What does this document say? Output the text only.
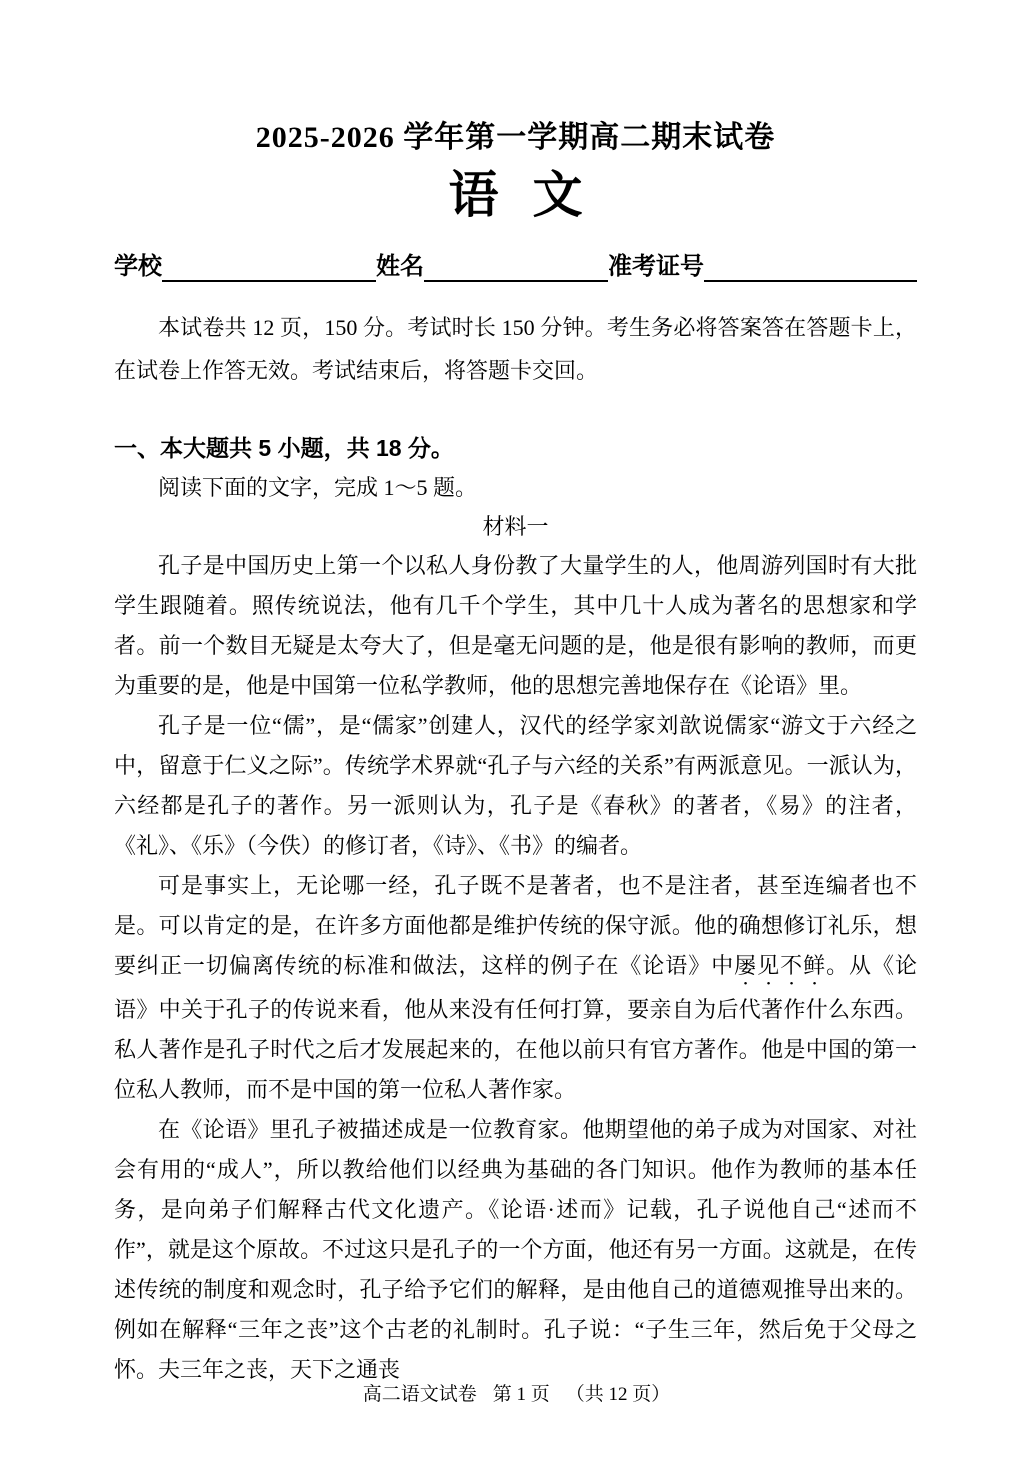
2025-2026 学年第一学期高二期末试卷
语 文
学校	姓名	准考证号

本试卷共 12 页，150 分。考试时长 150 分钟。考生务必将答案答在答题卡上，在试卷上作答无效。考试结束后，将答题卡交回。

一、本大题共 5 小题，共 18 分。

阅读下面的文字，完成 1～5 题。

材料一

孔子是中国历史上第一个以私人身份教了大量学生的人，他周游列国时有大批学生跟随着。照传统说法，他有几千个学生，其中几十人成为著名的思想家和学者。前一个数目无疑是太夸大了，但是毫无问题的是，他是很有影响的教师，而更为重要的是，他是中国第一位私学教师，他的思想完善地保存在《论语》里。

孔子是一位“儒”，是“儒家”创建人，汉代的经学家刘歆说儒家“游文于六经之中，留意于仁义之际”。传统学术界就“孔子与六经的关系”有两派意见。一派认为，六经都是孔子的著作。另一派则认为，孔子是《春秋》的著者，《易》的注者，《礼》、《乐》（今佚）的修订者，《诗》、《书》的编者。

可是事实上，无论哪一经，孔子既不是著者，也不是注者，甚至连编者也不是。可以肯定的是，在许多方面他都是维护传统的保守派。他的确想修订礼乐，想要纠正一切偏离传统的标准和做法，这样的例子在《论语》中屡见不鲜。从《论语》中关于孔子的传说来看，他从来没有任何打算，要亲自为后代著作什么东西。私人著作是孔子时代之后才发展起来的，在他以前只有官方著作。他是中国的第一位私人教师，而不是中国的第一位私人著作家。

在《论语》里孔子被描述成是一位教育家。他期望他的弟子成为对国家、对社会有用的“成人”，所以教给他们以经典为基础的各门知识。他作为教师的基本任务，是向弟子们解释古代文化遗产。《论语·述而》记载，孔子说他自己“述而不作”，就是这个原故。不过这只是孔子的一个方面，他还有另一方面。这就是，在传述传统的制度和观念时，孔子给予它们的解释，是由他自己的道德观推导出来的。例如在解释“三年之丧”这个古老的礼制时。孔子说：“子生三年，然后免于父母之怀。夫三年之丧，天下之通丧

高二语文试卷 第 1 页 （共 12 页）
